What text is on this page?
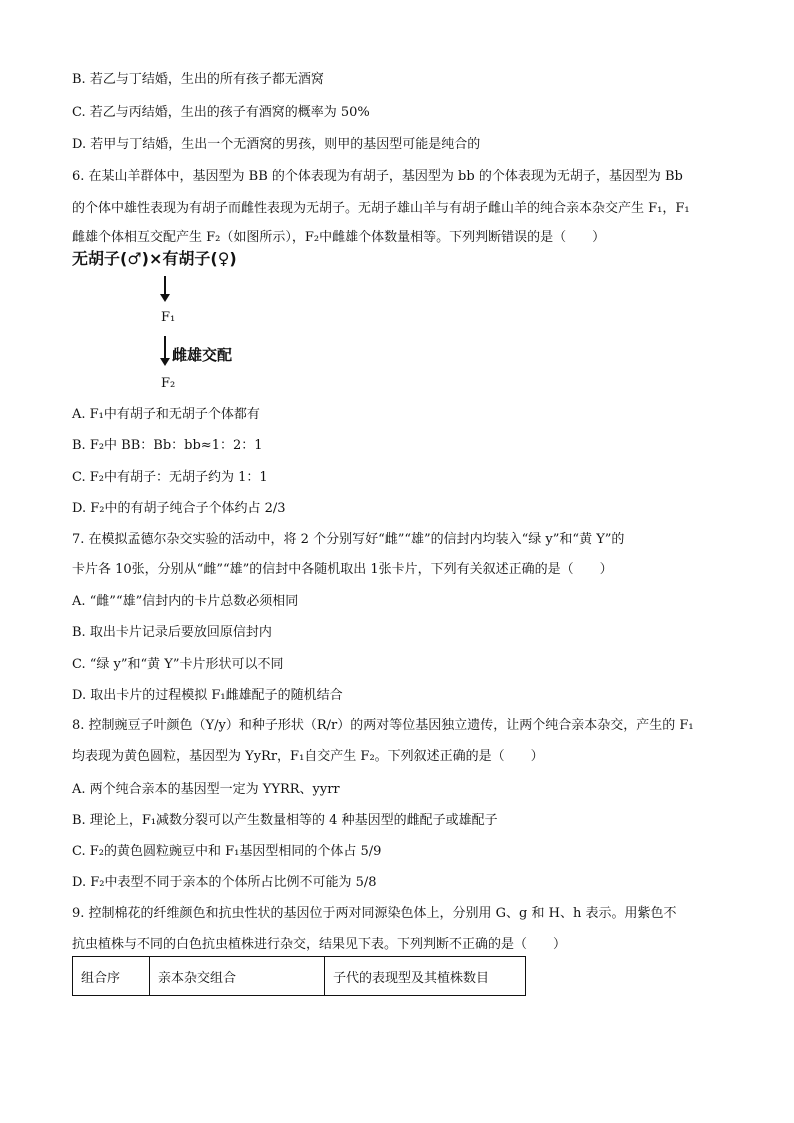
B. 若乙与丁结婚，生出的所有孩子都无酒窝
C. 若乙与丙结婚，生出的孩子有酒窝的概率为 50%
D. 若甲与丁结婚，生出一个无酒窝的男孩，则甲的基因型可能是纯合的
6. 在某山羊群体中，基因型为 BB 的个体表现为有胡子，基因型为 bb 的个体表现为无胡子，基因型为 Bb
的个体中雄性表现为有胡子而雌性表现为无胡子。无胡子雄山羊与有胡子雌山羊的纯合亲本杂交产生 F₁，F₁
雌雄个体相互交配产生 F₂（如图所示），F₂中雌雄个体数量相等。下列判断错误的是（　　）
无胡子(♂)×有胡子(♀)
F₁
雌雄交配
F₂
A. F₁中有胡子和无胡子个体都有
B. F₂中 BB：Bb：bb≈1：2：1
C. F₂中有胡子：无胡子约为 1：1
D. F₂中的有胡子纯合子个体约占 2/3
7. 在模拟孟德尔杂交实验的活动中，将 2 个分别写好“雌”“雄”的信封内均装入“绿 y”和“黄 Y”的
卡片各 10张，分别从“雌”“雄”的信封中各随机取出 1张卡片，下列有关叙述正确的是（　　）
A. “雌”“雄”信封内的卡片总数必须相同
B. 取出卡片记录后要放回原信封内
C. “绿 y”和“黄 Y”卡片形状可以不同
D. 取出卡片的过程模拟 F₁雌雄配子的随机结合
8. 控制豌豆子叶颜色（Y/y）和种子形状（R/r）的两对等位基因独立遗传，让两个纯合亲本杂交，产生的 F₁
均表现为黄色圆粒，基因型为 YyRr，F₁自交产生 F₂。下列叙述正确的是（　　）
A. 两个纯合亲本的基因型一定为 YYRR、yyrr
B. 理论上，F₁减数分裂可以产生数量相等的 4 种基因型的雌配子或雄配子
C. F₂的黄色圆粒豌豆中和 F₁基因型相同的个体占 5/9
D. F₂中表型不同于亲本的个体所占比例不可能为 5/8
9. 控制棉花的纤维颜色和抗虫性状的基因位于两对同源染色体上，分别用 G、g 和 H、h 表示。用紫色不
抗虫植株与不同的白色抗虫植株进行杂交，结果见下表。下列判断不正确的是（　　）
组合序	亲本杂交组合	子代的表现型及其植株数目
